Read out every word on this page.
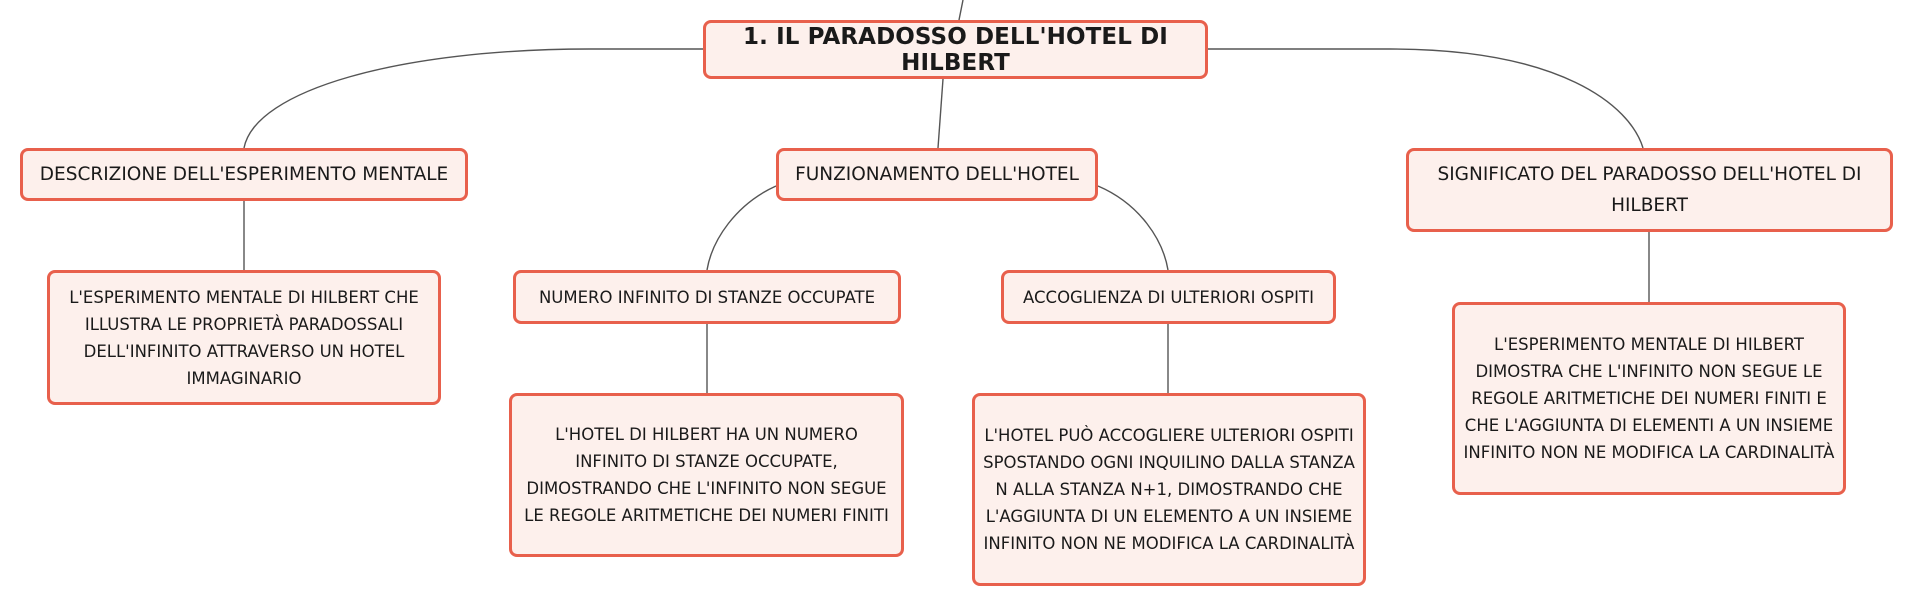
1. IL PARADOSSO DELL'HOTEL DI HILBERT
DESCRIZIONE DELL'ESPERIMENTO MENTALE	FUNZIONAMENTO DELL'HOTEL	SIGNIFICATO DEL PARADOSSO DELL'HOTEL DI HILBERT
L'ESPERIMENTO MENTALE DI HILBERT CHE ILLUSTRA LE PROPRIETÀ PARADOSSALI DELL'INFINITO ATTRAVERSO UN HOTEL IMMAGINARIO
NUMERO INFINITO DI STANZE OCCUPATE	ACCOGLIENZA DI ULTERIORI OSPITI
L'HOTEL DI HILBERT HA UN NUMERO INFINITO DI STANZE OCCUPATE, DIMOSTRANDO CHE L'INFINITO NON SEGUE LE REGOLE ARITMETICHE DEI NUMERI FINITI
L'HOTEL PUÒ ACCOGLIERE ULTERIORI OSPITI SPOSTANDO OGNI INQUILINO DALLA STANZA N ALLA STANZA N+1, DIMOSTRANDO CHE L'AGGIUNTA DI UN ELEMENTO A UN INSIEME INFINITO NON NE MODIFICA LA CARDINALITÀ
L'ESPERIMENTO MENTALE DI HILBERT DIMOSTRA CHE L'INFINITO NON SEGUE LE REGOLE ARITMETICHE DEI NUMERI FINITI E CHE L'AGGIUNTA DI ELEMENTI A UN INSIEME INFINITO NON NE MODIFICA LA CARDINALITÀ
